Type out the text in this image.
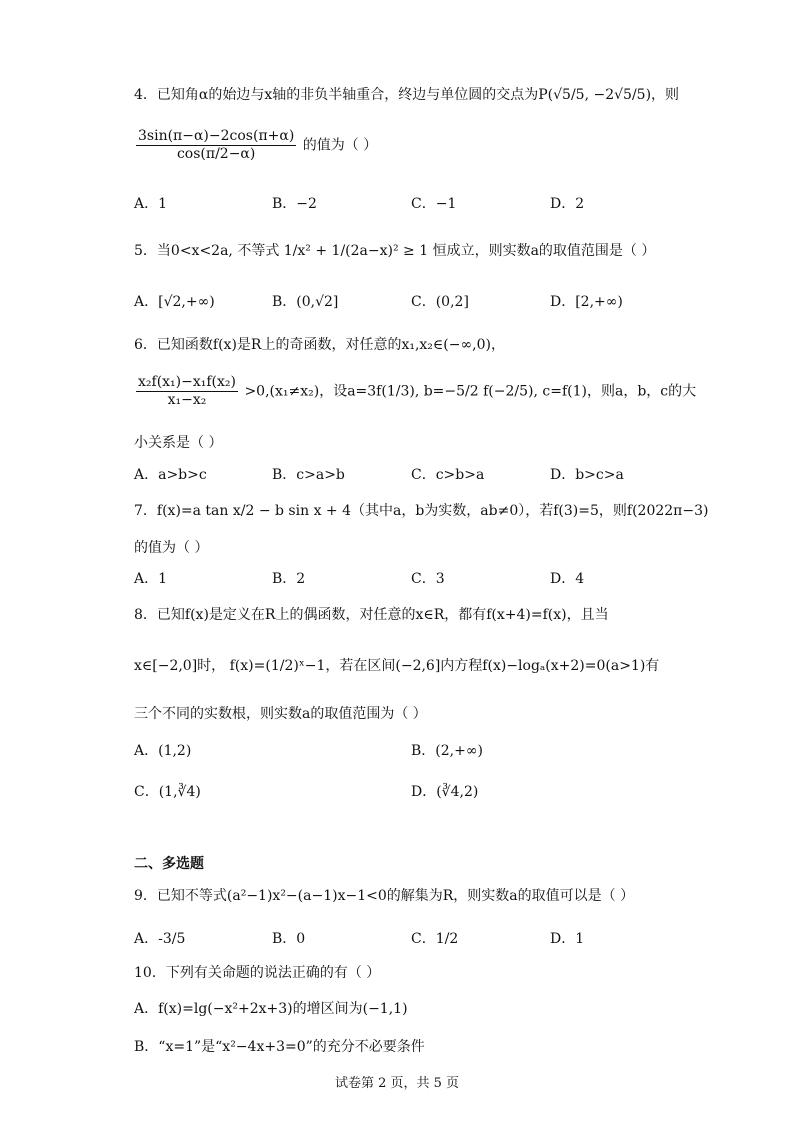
4．已知角α的始边与x轴的非负半轴重合，终边与单位圆的交点为P(√5/5, −2√5/5)，则
$\frac{3\sin(\pi-\alpha)-2\cos(\pi+\alpha)}{\cos(\pi/2-\alpha)}$ 的值为（ ）
A．1	B．−2	C．−1	D．2
5．当0<x<2a, 不等式 1/x² + 1/(2a−x)² ≥ 1 恒成立，则实数a的取值范围是（ ）
A．[√2,+∞)	B．(0,√2]	C．(0,2]	D．[2,+∞)
6．已知函数f(x)是R上的奇函数，对任意的x₁,x₂∈(−∞,0)，
$\frac{\text{x₂f(x₁)−x₁f(x₂)}}{\text{x₁−x₂}} >0,(x_1\ne x_2)$，设a=3f(1/3), b=−5/2 f(−2/5), c=f(1)，则a，b，c的大
小关系是（ ）
A．a>b>c	B．c>a>b	C．c>b>a	D．b>c>a
7．f(x)=a tan x/2 − b sin x + 4（其中a，b为实数，ab≠0），若f(3)=5，则f(2022π−3)
的值为（ ）
A．1	B．2	C．3	D．4
8．已知f(x)是定义在R上的偶函数，对任意的x∈R，都有f(x+4)=f(x)，且当
x∈[−2,0]时， f(x)=(1/2)ˣ−1，若在区间(−2,6]内方程f(x)−logₐ(x+2)=0(a>1)有
三个不同的实数根，则实数a的取值范围为（ ）
A．(1,2)	B．(2,+∞)
C．(1,∛4)	D．(∛4,2)
二、多选题
9．已知不等式(a²−1)x²−(a−1)x−1<0的解集为R，则实数a的取值可以是（ ）
A．-3/5	B．0	C．1/2	D．1
10．下列有关命题的说法正确的有（ ）
A．f(x)=lg(−x²+2x+3)的增区间为(−1,1)
B．“x=1”是“x²−4x+3=0”的充分不必要条件
试卷第 2 页，共 5 页
